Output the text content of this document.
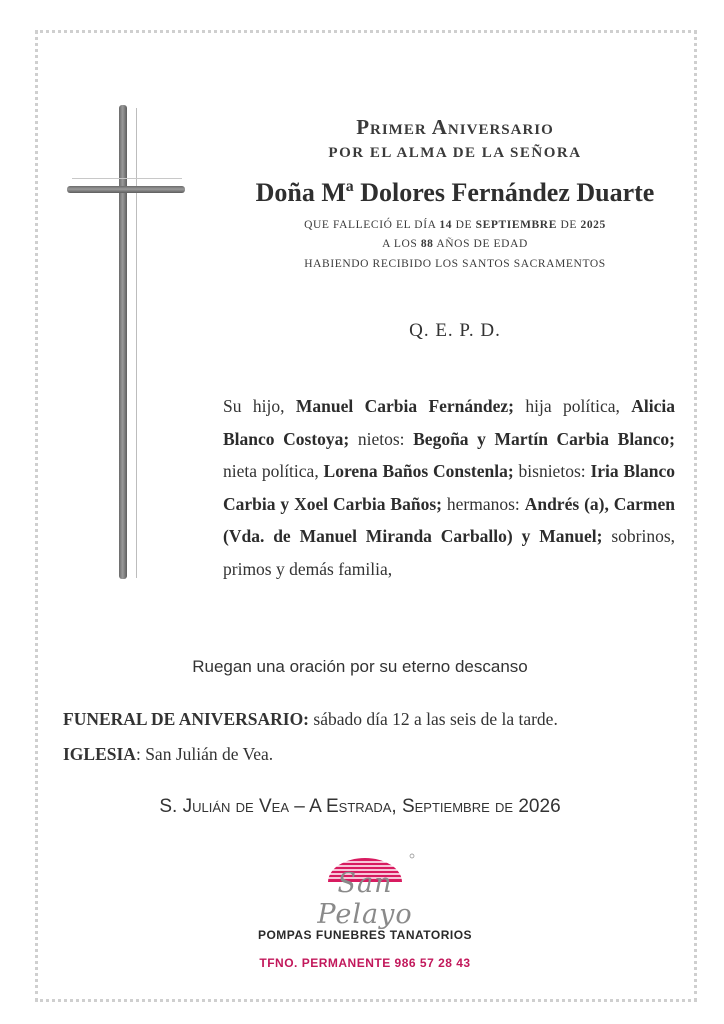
Primer Aniversario
POR EL ALMA DE LA SEÑORA
Doña Mª Dolores Fernández Duarte
QUE FALLECIÓ EL DÍA 14 DE SEPTIEMBRE DE 2025
A LOS 88 AÑOS DE EDAD
HABIENDO RECIBIDO LOS SANTOS SACRAMENTOS
Q. E. P. D.
Su hijo, Manuel Carbia Fernández; hija política, Alicia Blanco Costoya; nietos: Begoña y Martín Carbia Blanco; nieta política, Lorena Baños Constenla; bisnietos: Iria Blanco Carbia y Xoel Carbia Baños; hermanos: Andrés (a), Carmen (Vda. de Manuel Miranda Carballo) y Manuel; sobrinos, primos y demás familia,
Ruegan una oración por su eterno descanso
FUNERAL DE ANIVERSARIO: sábado día 12 a las seis de la tarde.
IGLESIA: San Julián de Vea.
S. Julián de Vea – A Estrada, Septiembre de 2026
San Pelayo
POMPAS FUNEBRES TANATORIOS
TFNO. PERMANENTE 986 57 28 43
